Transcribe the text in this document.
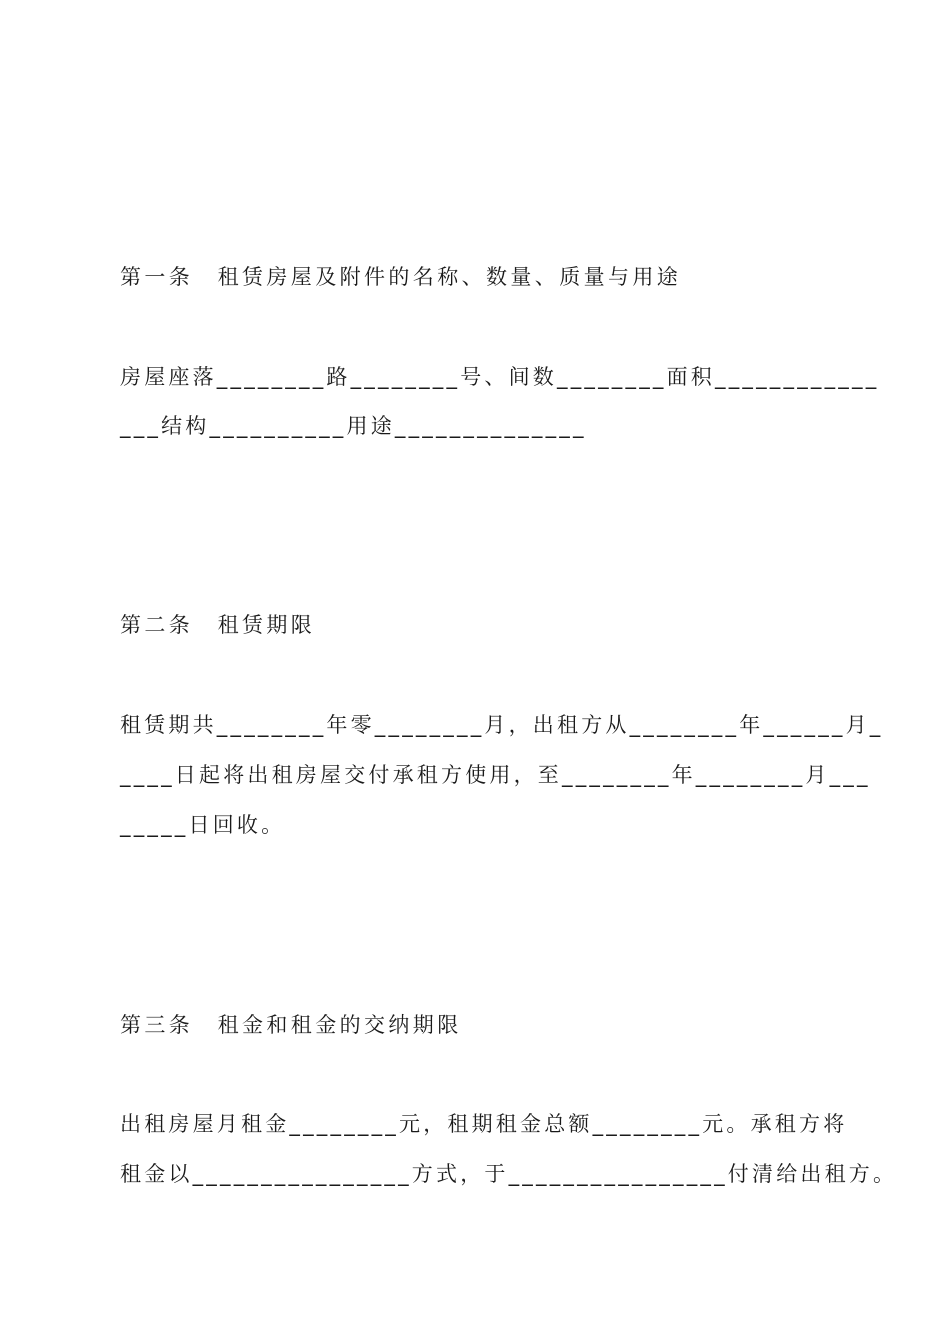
第一条　租赁房屋及附件的名称、数量、质量与用途
房屋座落________路________号、间数________面积____________
___结构__________用途______________
第二条　租赁期限
租赁期共________年零________月，出租方从________年______月_
____日起将出租房屋交付承租方使用，至________年________月___
_____日回收。
第三条　租金和租金的交纳期限
出租房屋月租金________元，租期租金总额________元。承租方将
租金以________________方式，于________________付清给出租方。
